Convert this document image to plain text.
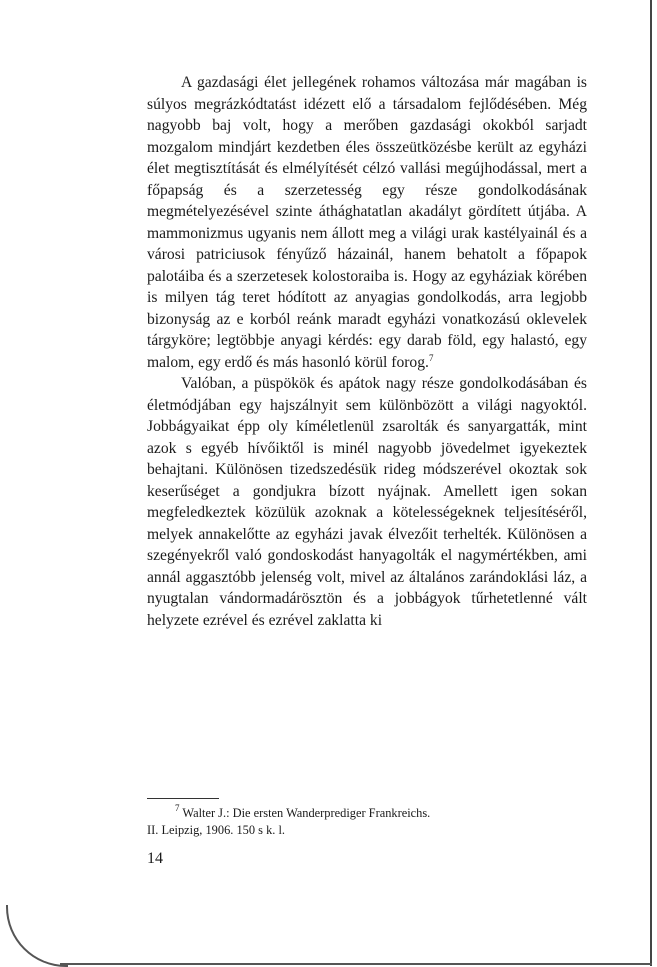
A gazdasági élet jellegének rohamos változása már magában is súlyos megrázkódtatást idézett elő a társadalom fejlődésében. Még nagyobb baj volt, hogy a merőben gazdasági okokból sarjadt mozgalom mindjárt kezdetben éles összeütközésbe került az egyházi élet megtisztítását és elmélyítését célzó vallási megújhodással, mert a főpapság és a szerzetesség egy része gondolkodásának megmételyezésével szinte áthághatatlan akadályt gördített útjába. A mammonizmus ugyanis nem állott meg a világi urak kastélyainál és a városi patriciusok fényűző házainál, hanem behatolt a főpapok palotáiba és a szerzetesek kolostoraiba is. Hogy az egyháziak körében is milyen tág teret hódított az anyagias gondolkodás, arra legjobb bizonyság az e korból reánk maradt egyházi vonatkozású oklevelek tárgyköre; legtöbbje anyagi kérdés: egy darab föld, egy halastó, egy malom, egy erdő és más hasonló körül forog.$^7$

Valóban, a püspökök és apátok nagy része gondolkodásában és életmódjában egy hajszálnyit sem különbözött a világi nagyoktól. Jobbágyaikat épp oly kíméletlenül zsarolták és sanyargatták, mint azok s egyéb hívőiktől is minél nagyobb jövedelmet igyekeztek behajtani. Különösen tizedszedésük rideg módszerével okoztak sok keserűséget a gondjukra bízott nyájnak. Amellett igen sokan megfeledkeztek közülük azoknak a kötelességeknek teljesítéséről, melyek annakelőtte az egyházi javak élvezőit terhelték. Különösen a szegényekről való gondoskodást hanyagolták el nagymértékben, ami annál aggasztóbb jelenség volt, mivel az általános zarándoklási láz, a nyugtalan vándormadárösztön és a jobbágyok tűrhetetlenné vált helyzete ezrével és ezrével zaklatta ki

$^7$ Walter J.: Die ersten Wanderprediger Frankreichs.
II. Leipzig, 1906. 150 s k. l.
14
